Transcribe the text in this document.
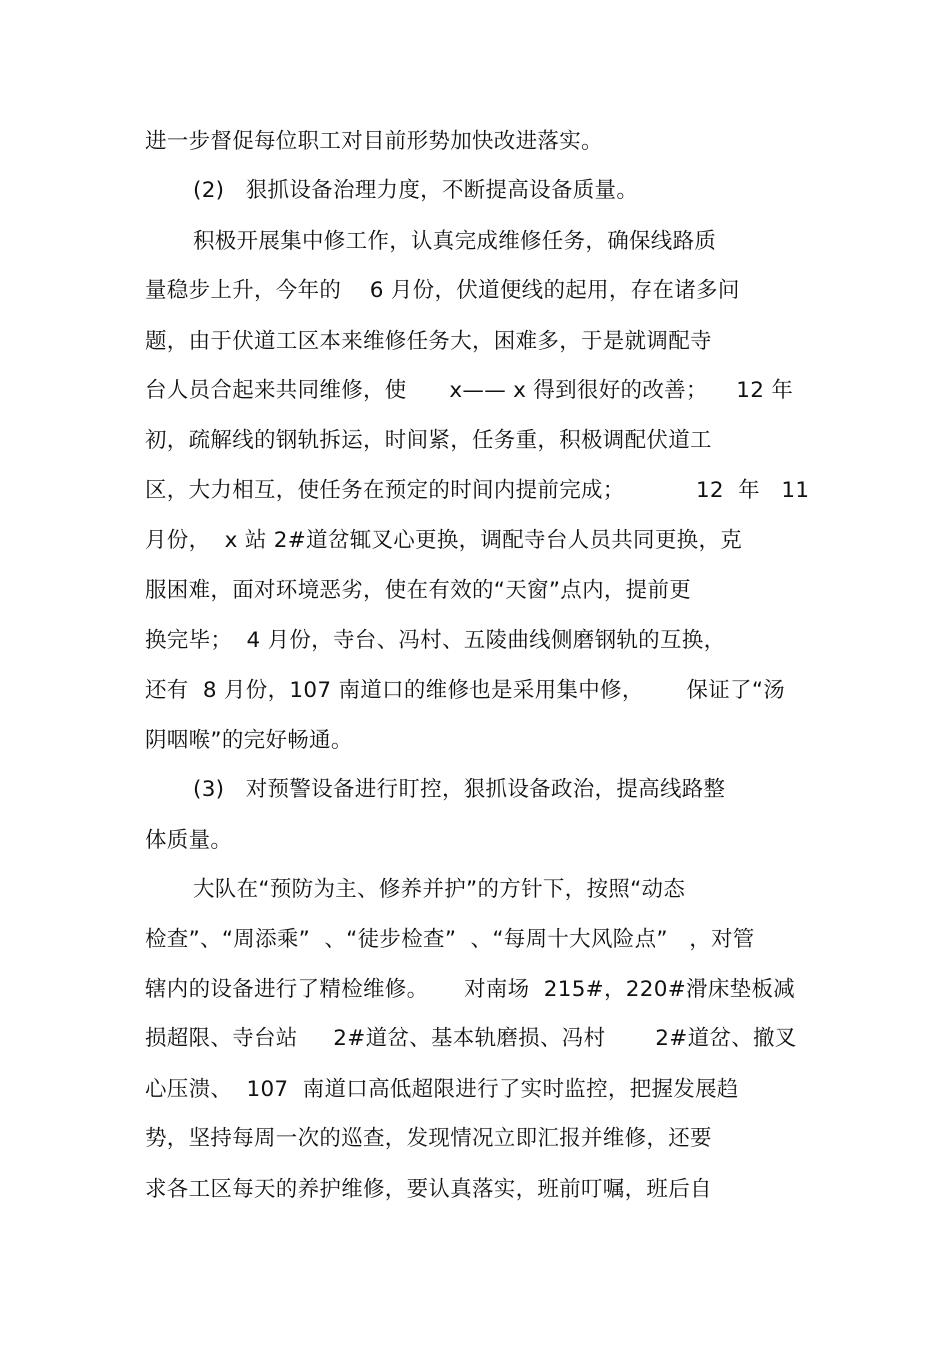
进一步督促每位职工对目前形势加快改进落实。
(2)   狠抓设备治理力度，不断提高设备质量。
积极开展集中修工作，认真完成维修任务，确保线路质
量稳步上升，今年的    6 月份，伏道便线的起用，存在诸多问
题，由于伏道工区本来维修任务大，困难多，于是就调配寺
台人员合起来共同维修，使      x—— x 得到很好的改善；    12 年
初，疏解线的钢轨拆运，时间紧，任务重，积极调配伏道工
区，大力相互，使任务在预定的时间内提前完成；          12  年   11
月份，  x 站 2#道岔辄叉心更换，调配寺台人员共同更换，克
服困难，面对环境恶劣，使在有效的“天窗”点内，提前更
换完毕；  4 月份，寺台、冯村、五陵曲线侧磨钢轨的互换，
还有  8 月份，107 南道口的维修也是采用集中修，      保证了“汤
阴咽喉”的完好畅通。
(3)   对预警设备进行盯控，狠抓设备政治，提高线路整
体质量。
大队在“预防为主、修养并护”的方针下，按照“动态
检查”、“周添乘”  、“徒步检查”  、“每周十大风险点”   ，对管
辖内的设备进行了精检维修。     对南场  215#，220#滑床垫板减
损超限、寺台站     2#道岔、基本轨磨损、冯村       2#道岔、撤叉
心压溃、  107  南道口高低超限进行了实时监控，把握发展趋
势，坚持每周一次的巡查，发现情况立即汇报并维修，还要
求各工区每天的养护维修，要认真落实，班前叮嘱，班后自
